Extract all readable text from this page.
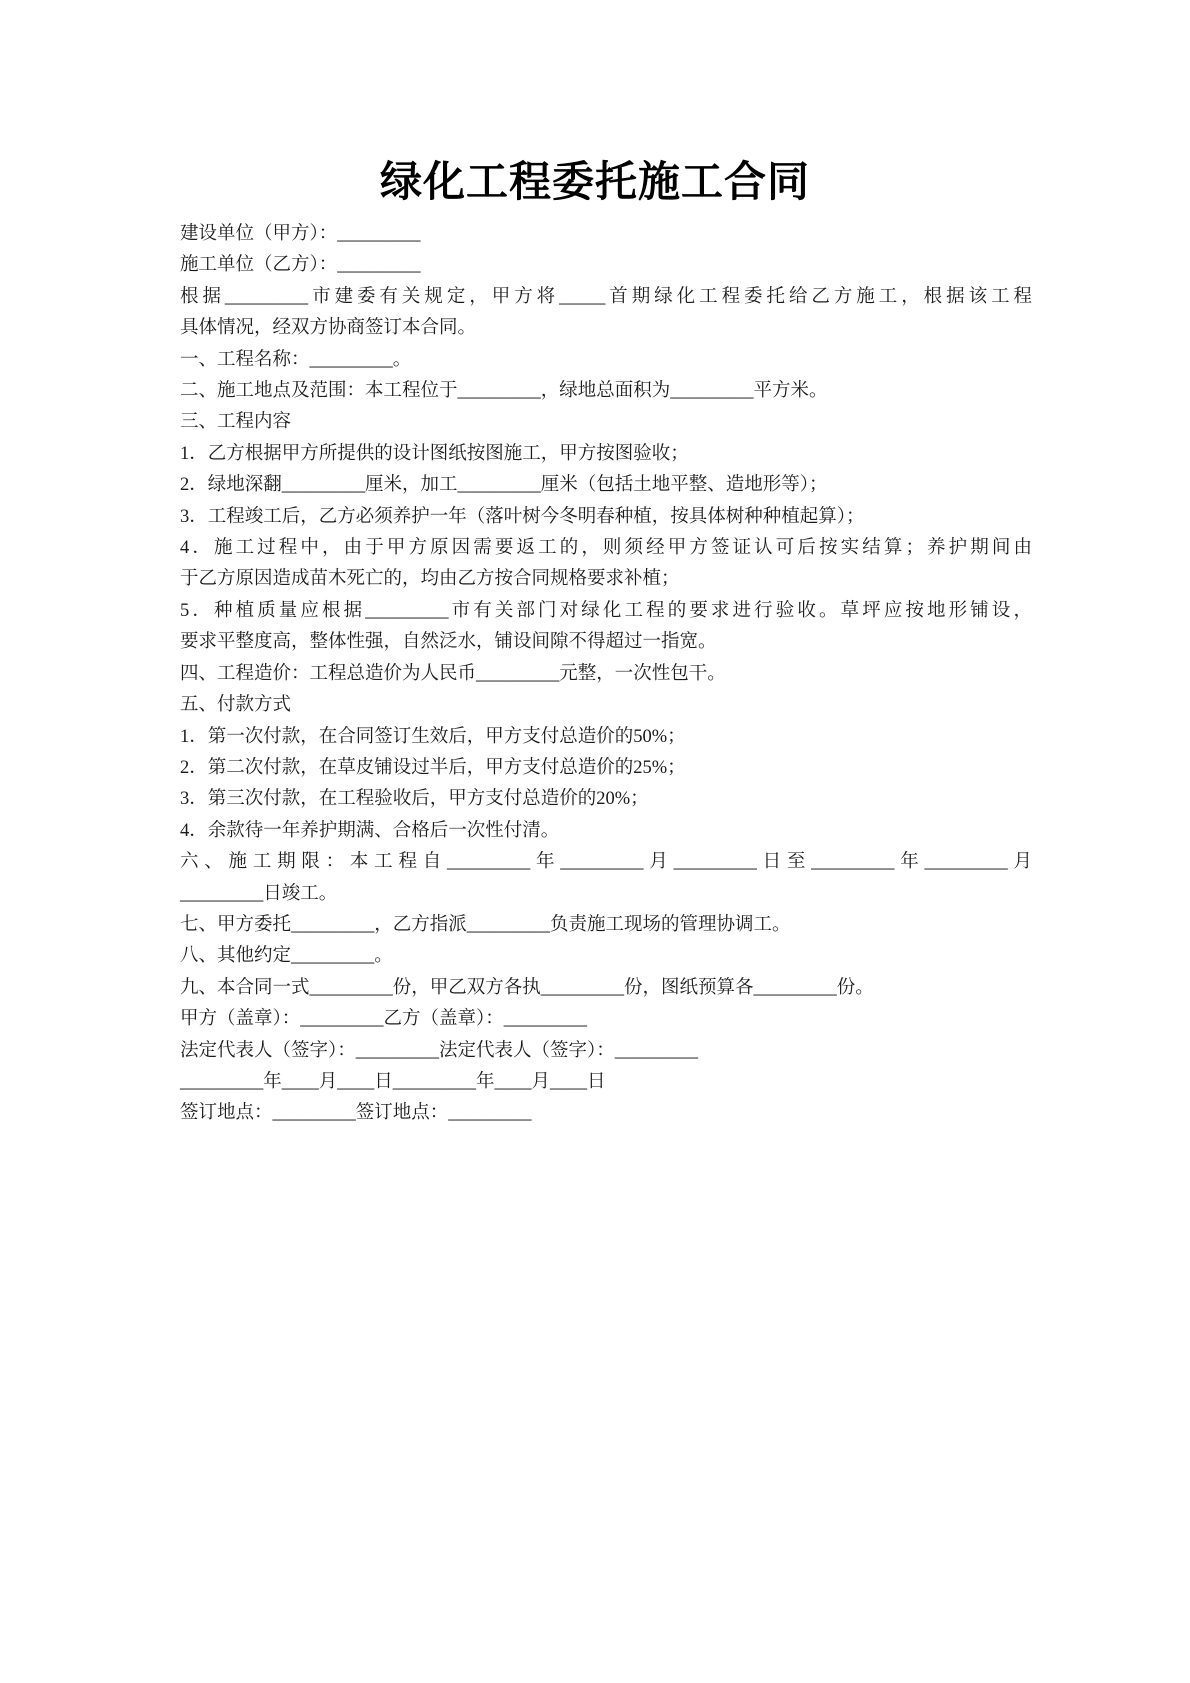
绿化工程委托施工合同
建设单位（甲方）：_________
施工单位（乙方）：_________
根据_________市建委有关规定，甲方将_____首期绿化工程委托给乙方施工，根据该工程
具体情况，经双方协商签订本合同。
一、工程名称：_________。
二、施工地点及范围：本工程位于_________，绿地总面积为_________平方米。
三、工程内容
1．乙方根据甲方所提供的设计图纸按图施工，甲方按图验收；
2．绿地深翻_________厘米，加工_________厘米（包括土地平整、造地形等）；
3．工程竣工后，乙方必须养护一年（落叶树今冬明春种植，按具体树种种植起算）；
4．施工过程中，由于甲方原因需要返工的，则须经甲方签证认可后按实结算；养护期间由
于乙方原因造成苗木死亡的，均由乙方按合同规格要求补植；
5．种植质量应根据_________市有关部门对绿化工程的要求进行验收。草坪应按地形铺设，
要求平整度高，整体性强，自然泛水，铺设间隙不得超过一指宽。
四、工程造价：工程总造价为人民币_________元整，一次性包干。
五、付款方式
1．第一次付款，在合同签订生效后，甲方支付总造价的50%；
2．第二次付款，在草皮铺设过半后，甲方支付总造价的25%；
3．第三次付款，在工程验收后，甲方支付总造价的20%；
4．余款待一年养护期满、合格后一次性付清。
六、施工期限：本工程自_________年_________月_________日至_________年_________月
_________日竣工。
七、甲方委托_________，乙方指派_________负责施工现场的管理协调工。
八、其他约定_________。
九、本合同一式_________份，甲乙双方各执_________份，图纸预算各_________份。
甲方（盖章）：_________乙方（盖章）：_________
法定代表人（签字）：_________法定代表人（签字）：_________
_________年____月____日_________年____月____日
签订地点：_________签订地点：_________
